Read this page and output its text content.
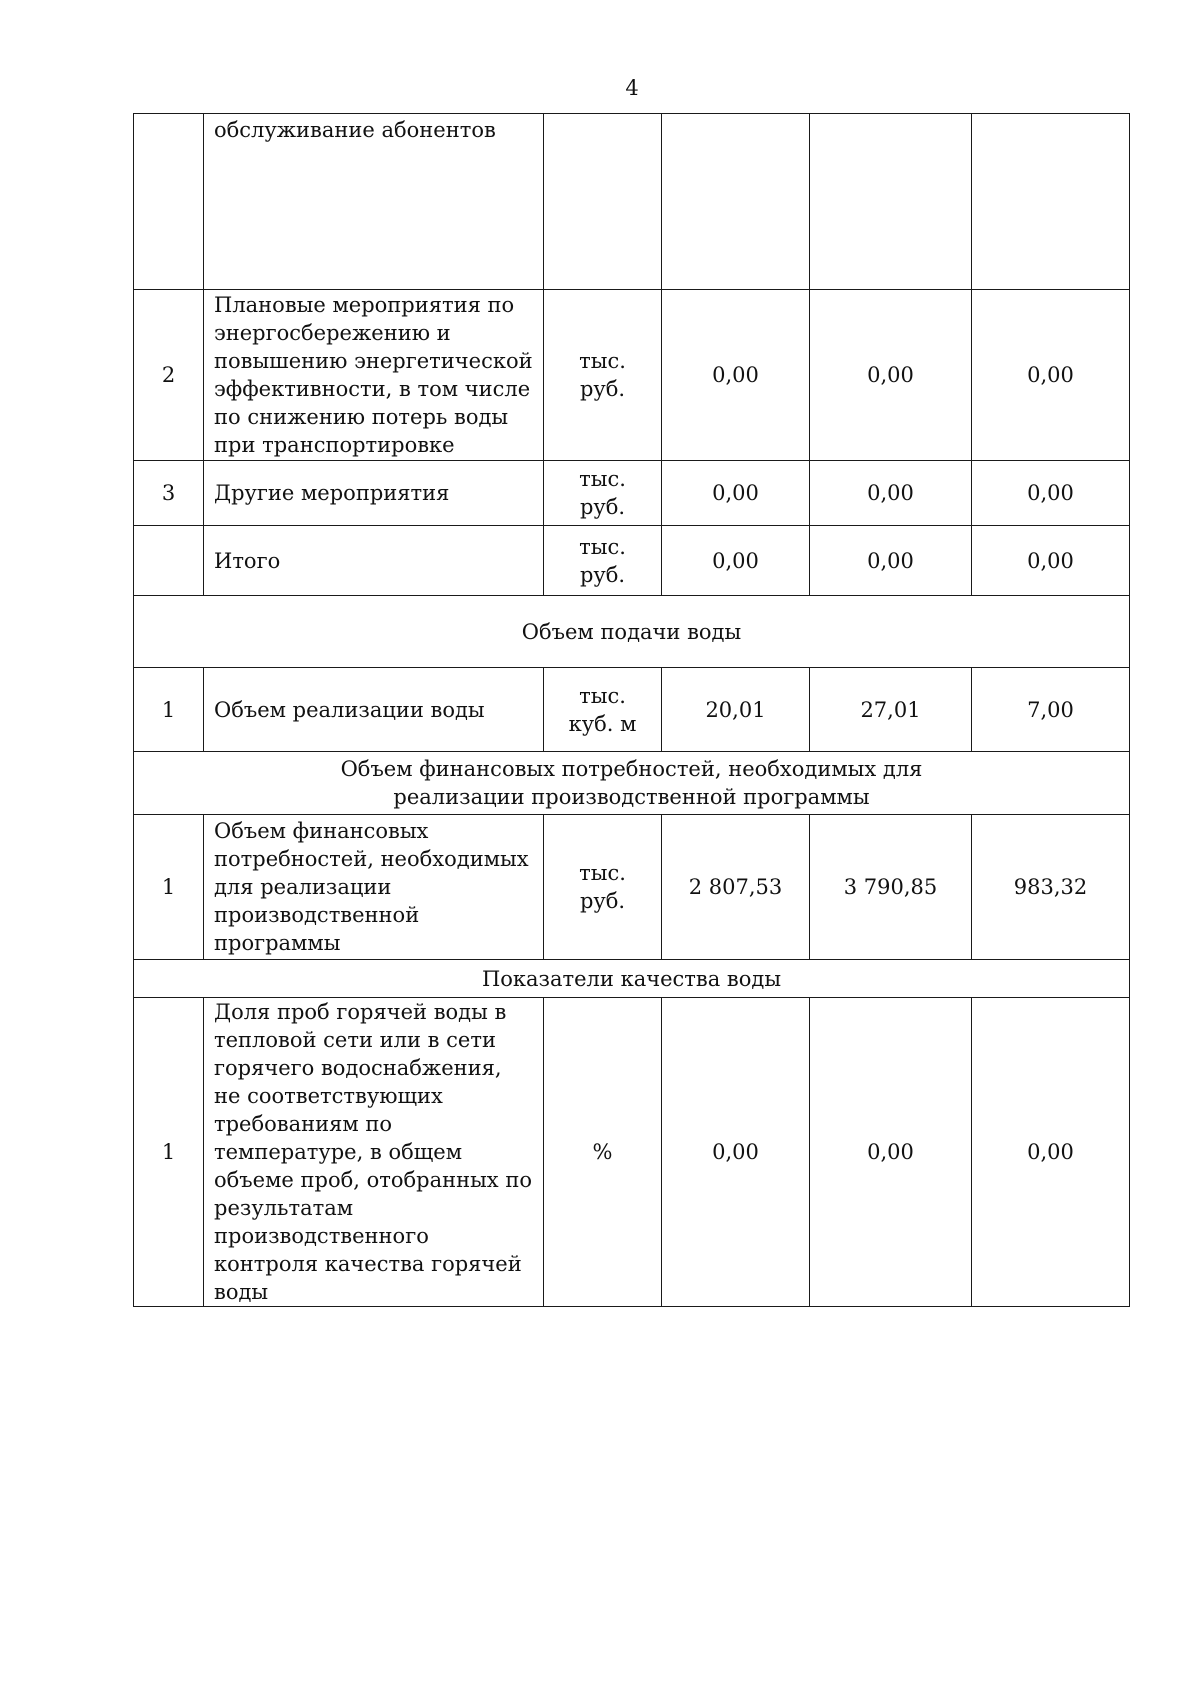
4
	обслуживание абонентов				
2	Плановые мероприятия по энергосбережению и повышению энергетической эффективности, в том числе по снижению потерь воды при транспортировке	тыс. руб.	0,00	0,00	0,00
3	Другие мероприятия	тыс. руб.	0,00	0,00	0,00
	Итого	тыс. руб.	0,00	0,00	0,00
Объем подачи воды					
1	Объем реализации воды	тыс. куб. м	20,01	27,01	7,00
Объем финансовых потребностей, необходимых для реализации производственной программы					
1	Объем финансовых потребностей, необходимых для реализации производственной программы	тыс. руб.	2 807,53	3 790,85	983,32
Показатели качества воды					
1	Доля проб горячей воды в тепловой сети или в сети горячего водоснабжения, не соответствующих требованиям по температуре, в общем объеме проб, отобранных по результатам производственного контроля качества горячей воды	%	0,00	0,00	0,00
